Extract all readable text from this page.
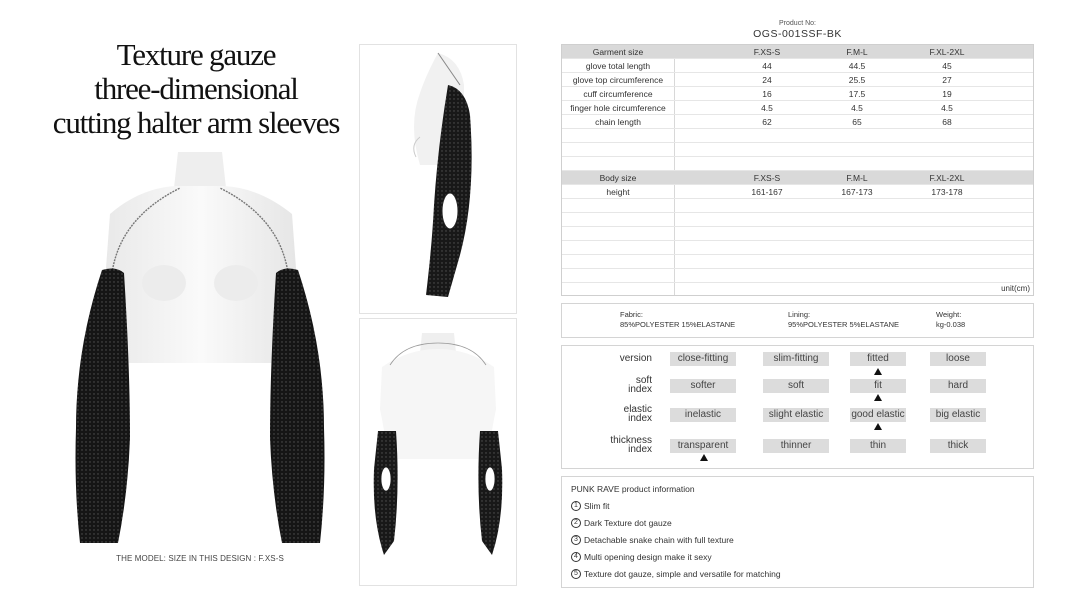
Texture gauze
three-dimensional
cutting halter arm sleeves
THE MODEL: SIZE IN THIS DESIGN : F.XS-S
Product No:
OGS-001SSF-BK
Garment size	F.XS-S	F.M-L	F.XL-2XL
glove total length	44	44.5	45
glove top circumference	24	25.5	27
cuff circumference	16	17.5	19
finger hole circumference	4.5	4.5	4.5
chain length	62	65	68
Body size	F.XS-S	F.M-L	F.XL-2XL
height	161-167	167-173	173-178
unit(cm)
Fabric:
85%POLYESTER 15%ELASTANE
Lining:
95%POLYESTER 5%ELASTANE
Weight:
kg-0.038
version	close-fitting	slim-fitting	fitted	loose
soft
index	softer	soft	fit	hard
elastic
index	inelastic	slight elastic	good elastic	big elastic
thickness
index	transparent	thinner	thin	thick
PUNK RAVE product information
1 Slim fit
2 Dark Texture dot gauze
3 Detachable snake chain with full texture
4 Multi opening design make it sexy
5 Texture dot gauze, simple and versatile for matching
